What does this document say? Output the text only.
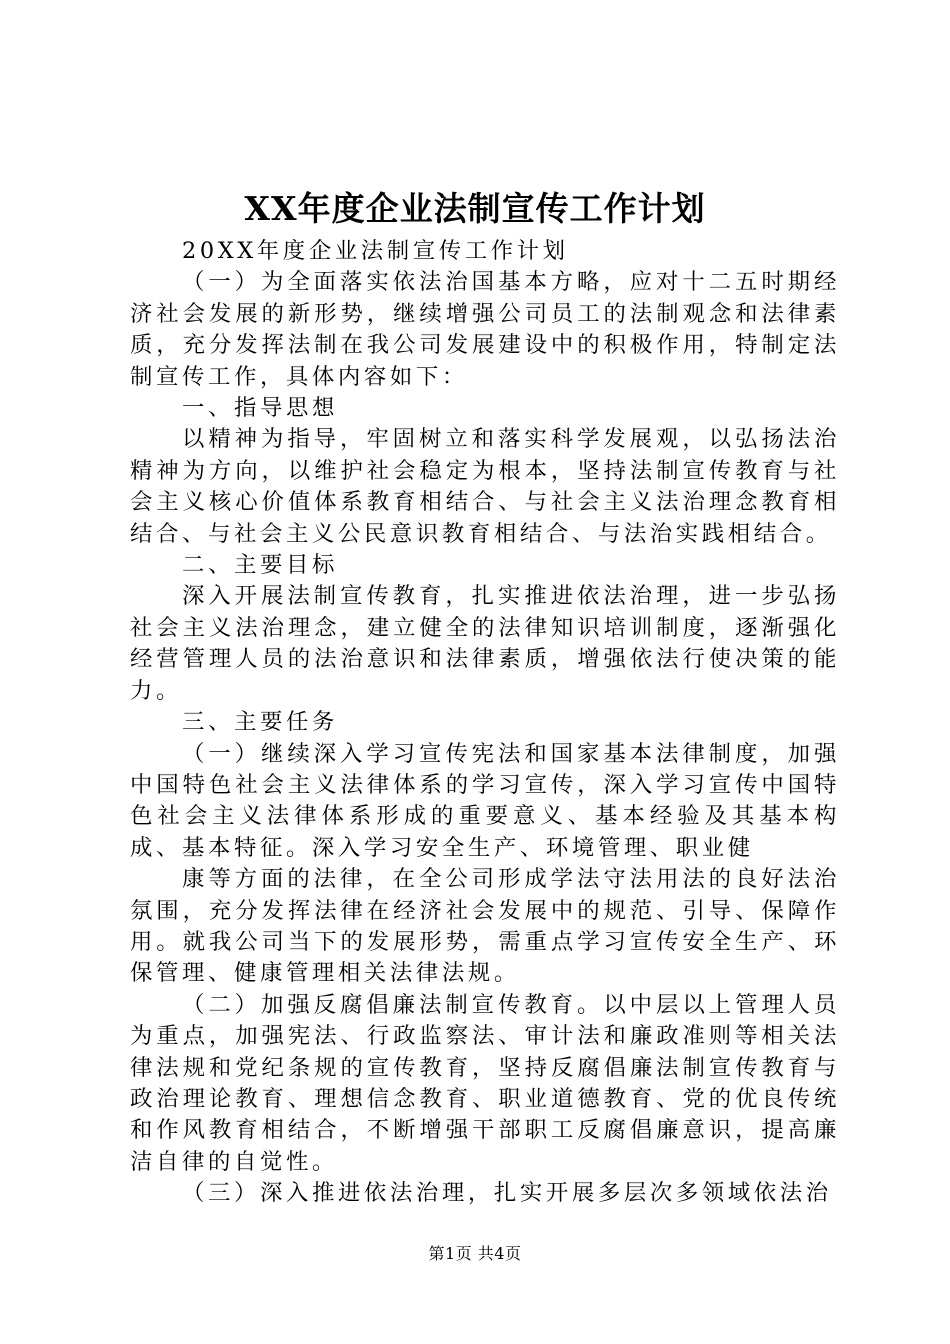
XX年度企业法制宣传工作计划

20XX年度企业法制宣传工作计划

（一）为全面落实依法治国基本方略，应对十二五时期经济社会发展的新形势，继续增强公司员工的法制观念和法律素质，充分发挥法制在我公司发展建设中的积极作用，特制定法制宣传工作，具体内容如下：

一、指导思想

以精神为指导，牢固树立和落实科学发展观，以弘扬法治精神为方向，以维护社会稳定为根本，坚持法制宣传教育与社会主义核心价值体系教育相结合、与社会主义法治理念教育相结合、与社会主义公民意识教育相结合、与法治实践相结合。

二、主要目标

深入开展法制宣传教育，扎实推进依法治理，进一步弘扬社会主义法治理念，建立健全的法律知识培训制度，逐渐强化经营管理人员的法治意识和法律素质，增强依法行使决策的能力。

三、主要任务

（一）继续深入学习宣传宪法和国家基本法律制度，加强中国特色社会主义法律体系的学习宣传，深入学习宣传中国特色社会主义法律体系形成的重要意义、基本经验及其基本构成、基本特征。深入学习安全生产、环境管理、职业健

康等方面的法律，在全公司形成学法守法用法的良好法治氛围，充分发挥法律在经济社会发展中的规范、引导、保障作用。就我公司当下的发展形势，需重点学习宣传安全生产、环保管理、健康管理相关法律法规。

（二）加强反腐倡廉法制宣传教育。以中层以上管理人员为重点，加强宪法、行政监察法、审计法和廉政准则等相关法律法规和党纪条规的宣传教育，坚持反腐倡廉法制宣传教育与政治理论教育、理想信念教育、职业道德教育、党的优良传统和作风教育相结合，不断增强干部职工反腐倡廉意识，提高廉洁自律的自觉性。

（三）深入推进依法治理，扎实开展多层次多领域依法治

第1页 共4页
